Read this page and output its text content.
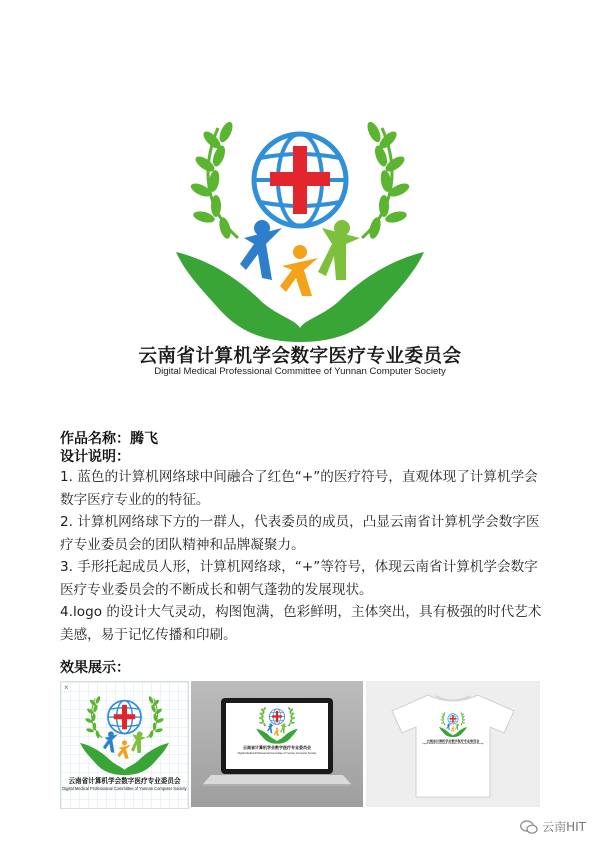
云南省计算机学会数字医疗专业委员会
Digital Medical Professional Committee of Yunnan Computer Society
作品名称：腾飞
设计说明：

1. 蓝色的计算机网络球中间融合了红色“+”的医疗符号，直观体现了计算机学会数字医疗专业的的特征。

2. 计算机网络球下方的一群人，代表委员的成员，凸显云南省计算机学会数字医疗专业委员会的团队精神和品牌凝聚力。

3. 手形托起成员人形，计算机网络球，“+”等符号，体现云南省计算机学会数字医疗专业委员会的不断成长和朝气蓬勃的发展现状。

4.logo 的设计大气灵动，构图饱满，色彩鲜明，主体突出，具有极强的时代艺术美感，易于记忆传播和印刷。

效果展示：
×
云南省计算机学会数字医疗专业委员会
Digital Medical Professional Committee of Yunnan Computer Society
云南省计算机学会数字医疗专业委员会
Digital Medical Professional Committee of Yunnan Computer Society
云南省计算机学会数字医疗专业委员会
Digital Medical Professional Committee of Yunnan Computer Society
云南HIT
